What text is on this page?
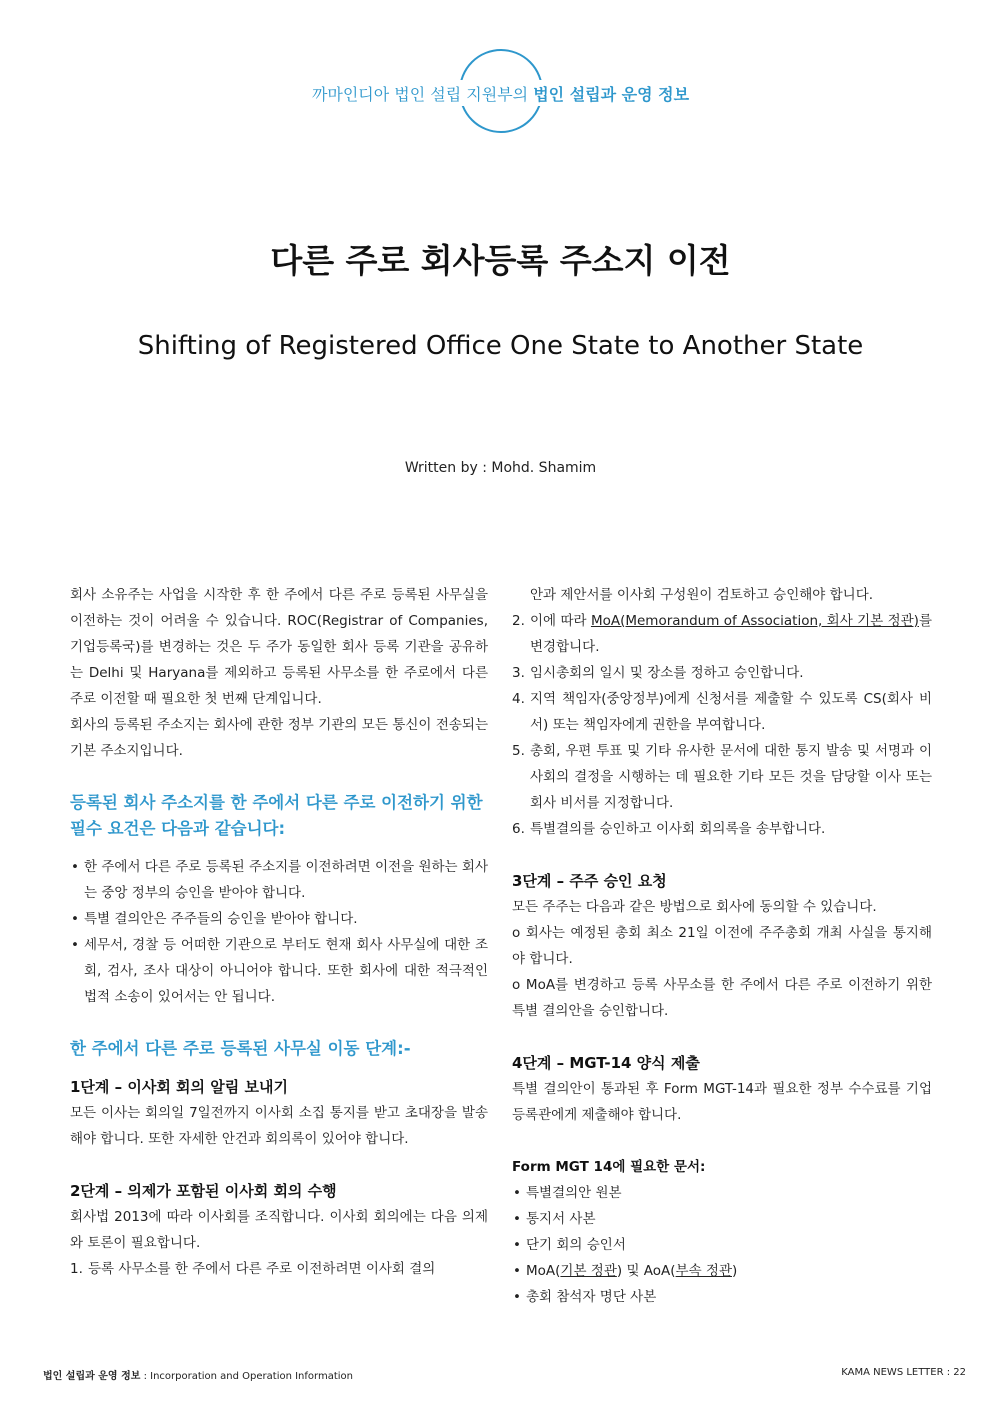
까마인디아 법인 설립 지원부의 법인 설립과 운영 정보
다른 주로 회사등록 주소지 이전
Shifting of Registered Office One State to Another State
Written by : Mohd. Shamim

회사 소유주는 사업을 시작한 후 한 주에서 다른 주로 등록된 사무실을 이전하는 것이 어려울 수 있습니다. ROC(Registrar of Companies, 기업등록국)를 변경하는 것은 두 주가 동일한 회사 등록 기관을 공유하는 Delhi 및 Haryana를 제외하고 등록된 사무소를 한 주로에서 다른 주로 이전할 때 필요한 첫 번째 단계입니다.

회사의 등록된 주소지는 회사에 관한 정부 기관의 모든 통신이 전송되는 기본 주소지입니다.

등록된 회사 주소지를 한 주에서 다른 주로 이전하기 위한 필수 요건은 다음과 같습니다:
• 한 주에서 다른 주로 등록된 주소지를 이전하려면 이전을 원하는 회사는 중앙 정부의 승인을 받아야 합니다.
• 특별 결의안은 주주들의 승인을 받아야 합니다.
• 세무서, 경찰 등 어떠한 기관으로 부터도 현재 회사 사무실에 대한 조회, 검사, 조사 대상이 아니어야 합니다. 또한 회사에 대한 적극적인 법적 소송이 있어서는 안 됩니다.
한 주에서 다른 주로 등록된 사무실 이동 단계:-
1단계 – 이사회 회의 알림 보내기

모든 이사는 회의일 7일전까지 이사회 소집 통지를 받고 초대장을 발송해야 합니다. 또한 자세한 안건과 회의록이 있어야 합니다.

2단계 – 의제가 포함된 이사회 회의 수행

회사법 2013에 따라 이사회를 조직합니다. 이사회 회의에는 다음 의제와 토론이 필요합니다.

1. 등록 사무소를 한 주에서 다른 주로 이전하려면 이사회 결의
안과 제안서를 이사회 구성원이 검토하고 승인해야 합니다.
2. 이에 따라 MoA(Memorandum of Association, 회사 기본 정관)를 변경합니다.
3. 임시총회의 일시 및 장소를 정하고 승인합니다.
4. 지역 책임자(중앙정부)에게 신청서를 제출할 수 있도록 CS(회사 비서) 또는 책임자에게 권한을 부여합니다.
5. 총회, 우편 투표 및 기타 유사한 문서에 대한 통지 발송 및 서명과 이사회의 결정을 시행하는 데 필요한 기타 모든 것을 담당할 이사 또는 회사 비서를 지정합니다.
6. 특별결의를 승인하고 이사회 회의록을 송부합니다.
3단계 – 주주 승인 요청

모든 주주는 다음과 같은 방법으로 회사에 동의할 수 있습니다.

o 회사는 예정된 총회 최소 21일 이전에 주주총회 개최 사실을 통지해야 합니다.

o MoA를 변경하고 등록 사무소를 한 주에서 다른 주로 이전하기 위한 특별 결의안을 승인합니다.

4단계 – MGT-14 양식 제출

특별 결의안이 통과된 후 Form MGT-14과 필요한 정부 수수료를 기업 등록관에게 제출해야 합니다.

Form MGT 14에 필요한 문서:
• 특별결의안 원본
• 통지서 사본
• 단기 회의 승인서
• MoA(기본 정관) 및 AoA(부속 정관)
• 총회 참석자 명단 사본
법인 설립과 운영 정보 : Incorporation and Operation Information	KAMA NEWS LETTER : 22
